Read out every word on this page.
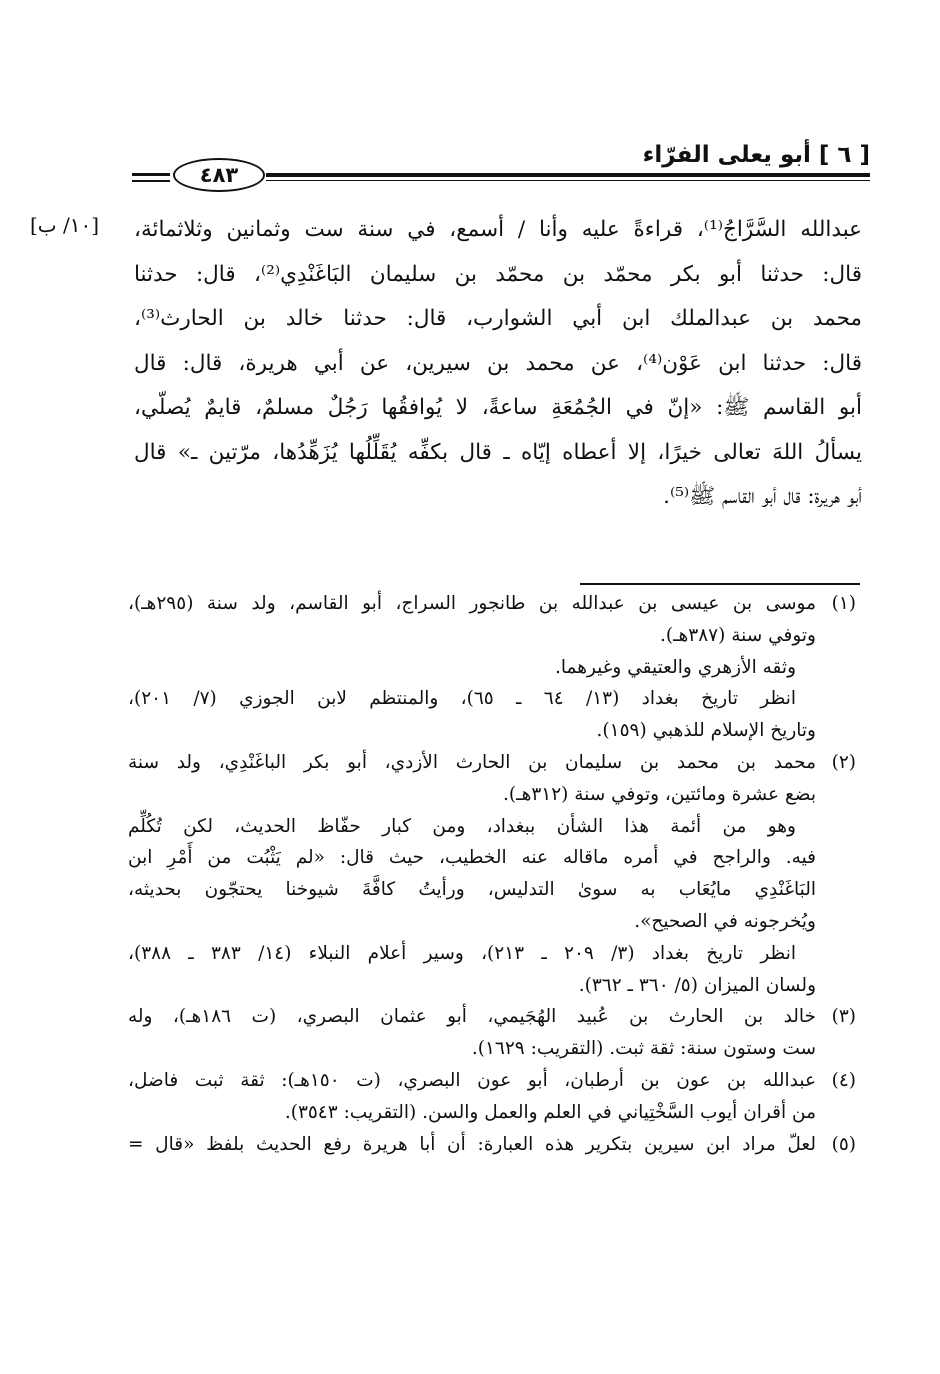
[ ٦ ] أبو يعلى الفرّاء
٤٨٣
[١٠/ ب] عبدالله السَّرَّاجُ⁽¹⁾، قراءةً عليه وأنا / أسمع، في سنة ست وثمانين وثلاثمائة،
قال: حدثنا أبو بكر محمّد بن محمّد بن سليمان البَاغَنْدِي⁽²⁾، قال: حدثنا
محمد بن عبدالملك ابن أبي الشوارب، قال: حدثنا خالد بن الحارث⁽³⁾،
قال: حدثنا ابن عَوْن⁽⁴⁾، عن محمد بن سيرين، عن أبي هريرة، قال: قال
أبو القاسم ﷺ: «إنّ في الجُمُعَةِ ساعةً، لا يُوافقُها رَجُلٌ مسلمٌ، قايمٌ يُصلّي،
يسألُ اللهَ تعالى خيرًا، إلا أعطاه إيّاه ـ قال بكفِّه يُقَلِّلُها يُزَهِّدُها، مرّتين ـ» قال
أبو هريرة: قال أبو القاسم ﷺ⁽⁵⁾.
(١)
موسى بن عيسى بن عبدالله بن طانجور السراج، أبو القاسم، ولد سنة (٢٩٥هـ)،
وتوفي سنة (٣٨٧هـ).
وثقه الأزهري والعتيقي وغيرهما.
انظر تاريخ بغداد (١٣/ ٦٤ ـ ٦٥)، والمنتظم لابن الجوزي (٧/ ٢٠١)،
وتاريخ الإسلام للذهبي (١٥٩).
(٢)
محمد بن محمد بن سليمان بن الحارث الأزدي، أبو بكر الباغَنْدِي، ولد سنة
بضع عشرة ومائتين، وتوفي سنة (٣١٢هـ).
وهو من أئمة هذا الشأن ببغداد، ومن كبار حفّاظ الحديث، لكن تُكُلِّم
فيه. والراجح في أمره ماقاله عنه الخطيب، حيث قال: «لم يَثْبُت من أَمْرِ ابن
البَاغَنْدِي مايُعَاب به سوىٰ التدليس، ورأيتُ كافَّةَ شيوخنا يحتجّون بحديثه،
ويُخرجونه في الصحيح».
انظر تاريخ بغداد (٣/ ٢٠٩ ـ ٢١٣)، وسير أعلام النبلاء (١٤/ ٣٨٣ ـ ٣٨٨)،
ولسان الميزان (٥/ ٣٦٠ ـ ٣٦٢).
(٣)
خالد بن الحارث بن عُبيد الهُجَيمي، أبو عثمان البصري، (ت ١٨٦هـ)، وله
ست وستون سنة: ثقة ثبت. (التقريب: ١٦٢٩).
(٤)
عبدالله بن عون بن أرطبان، أبو عون البصري، (ت ١٥٠هـ): ثقة ثبت فاضل،
من أقران أيوب السَّخْتِياني في العلم والعمل والسن. (التقريب: ٣٥٤٣).
(٥)
لعلّ مراد ابن سيرين بتكرير هذه العبارة: أن أبا هريرة رفع الحديث بلفظ «قال =
